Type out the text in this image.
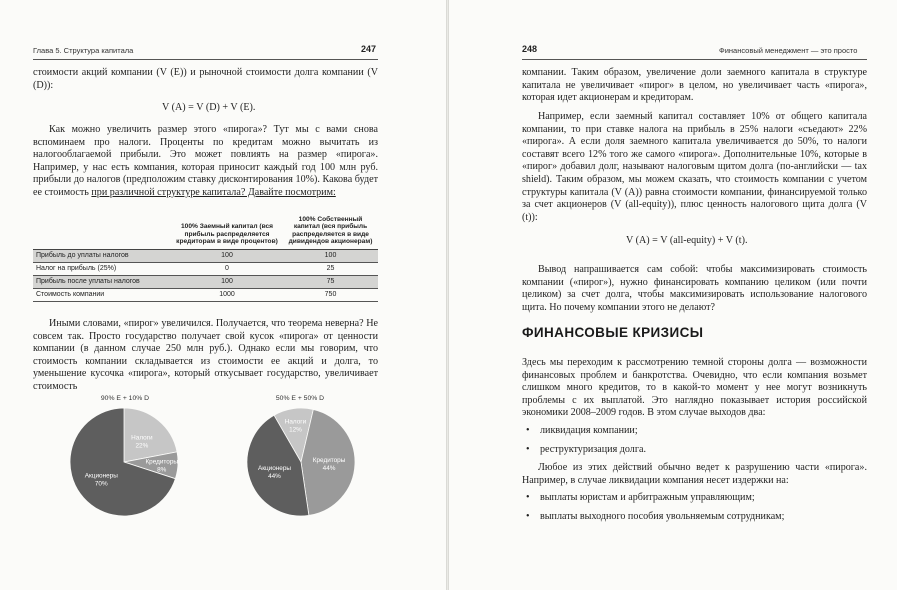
Глава 5. Структура капитала	247

стоимости акций компании (V (E)) и рыночной стоимости долга компании (V (D)):

V (A) = V (D) + V (E).

Как можно увеличить размер этого «пирога»? Тут мы с вами снова вспоминаем про налоги. Проценты по кредитам можно вычитать из налогооблагаемой прибыли. Это может повлиять на размер «пирога». Например, у нас есть компания, которая приносит каждый год 100 млн руб. прибыли до налогов (предположим ставку дисконтирования 10%). Какова будет ее стоимость при различной структуре капитала? Давайте посмотрим:

	100% Заемный капитал (вся прибыль распределяется кредиторам в виде процентов)	100% Собственный капитал (вся прибыль распределяется в виде дивидендов акционерам)
Прибыль до уплаты налогов	100	100
Налог на прибыль (25%)	0	25
Прибыль после уплаты налогов	100	75
Стоимость компании	1000	750

Иными словами, «пирог» увеличился. Получается, что теорема неверна? Не совсем так. Просто государство получает свой кусок «пирога» от ценности компании (в данном случае 250 млн руб.). Однако если мы говорим, что стоимость компании складывается из стоимости ее акций и долга, то уменьшение кусочка «пирога», который откусывает государство, увеличивает стоимость

90% E + 10% D
Налоги 22%
Кредиторы 8%
Акционеры 70%
50% E + 50% D
Налоги 12%
Кредиторы 44%
Акционеры 44%
248	Финансовый менеджмент — это просто

компании. Таким образом, увеличение доли заемного капитала в структуре капитала не увеличивает «пирог» в целом, но увеличивает часть «пирога», которая идет акционерам и кредиторам.

Например, если заемный капитал составляет 10% от общего капитала компании, то при ставке налога на прибыль в 25% налоги «съедают» 22% «пирога». А если доля заемного капитала увеличивается до 50%, то налоги составят всего 12% того же самого «пирога». Дополнительные 10%, которые в «пирог» добавил долг, называют налоговым щитом долга (по-английски — tax shield). Таким образом, мы можем сказать, что стоимость компании с учетом структуры капитала (V (A)) равна стоимости компании, финансируемой только за счет акционеров (V (all-equity)), плюс ценность налогового щита долга (V (t)):

V (A) = V (all-equity) + V (t).

Вывод напрашивается сам собой: чтобы максимизировать стоимость компании («пирог»), нужно финансировать компанию целиком (или почти целиком) за счет долга, чтобы максимизировать использование налогового щита. Но почему компании этого не делают?

ФИНАНСОВЫЕ КРИЗИСЫ

Здесь мы переходим к рассмотрению темной стороны долга — возможности финансовых проблем и банкротства. Очевидно, что если компания возьмет слишком много кредитов, то в какой-то момент у нее могут возникнуть проблемы с их выплатой. Это наглядно показывает история российской экономики 2008–2009 годов. В этом случае выходов два:

• ликвидация компании;
• реструктуризация долга.

Любое из этих действий обычно ведет к разрушению части «пирога». Например, в случае ликвидации компания несет издержки на:

• выплаты юристам и арбитражным управляющим;
• выплаты выходного пособия увольняемым сотрудникам;
